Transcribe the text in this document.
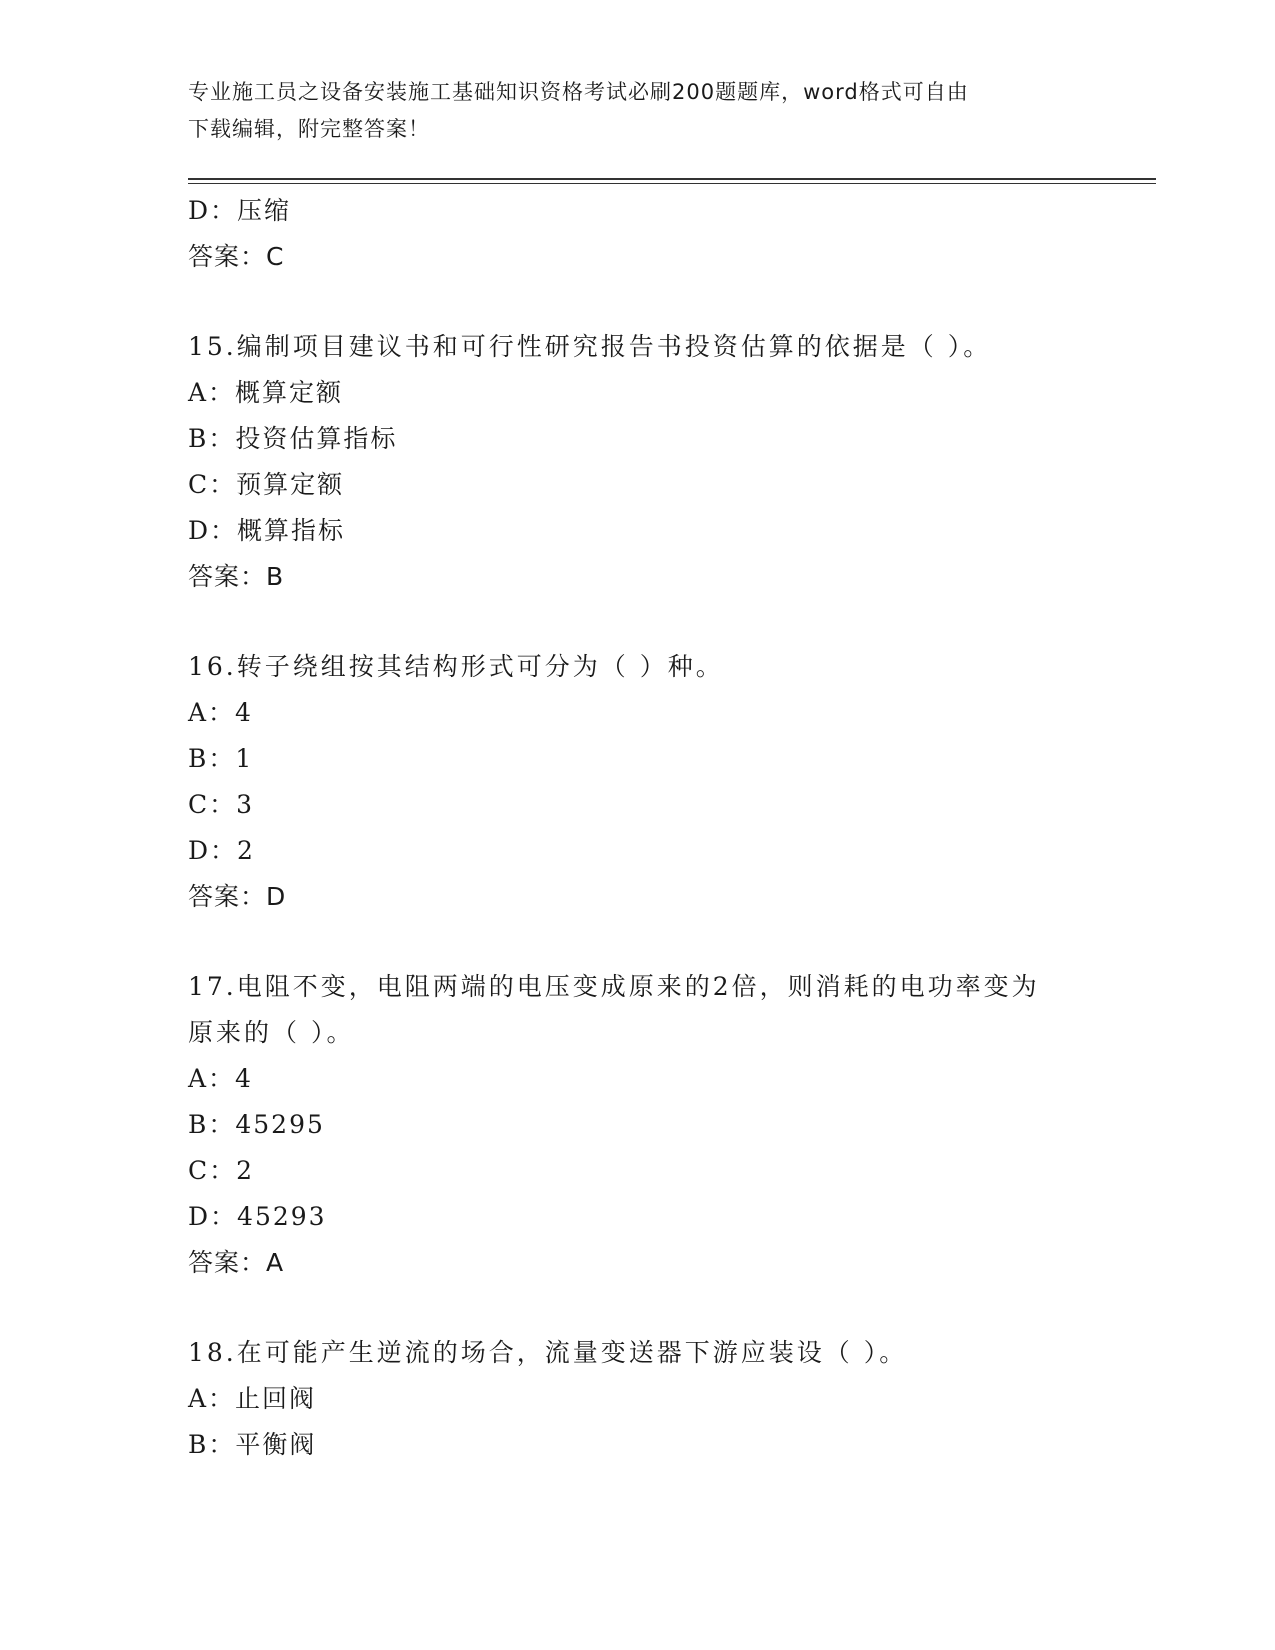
专业施工员之设备安装施工基础知识资格考试必刷200题题库，word格式可自由
下载编辑，附完整答案！
D：压缩
答案：C
15.编制项目建议书和可行性研究报告书投资估算的依据是（ ）。
A：概算定额
B：投资估算指标
C：预算定额
D：概算指标
答案：B
16.转子绕组按其结构形式可分为（ ）种。
A：4
B：1
C：3
D：2
答案：D
17.电阻不变，电阻两端的电压变成原来的2倍，则消耗的电功率变为
原来的（ ）。
A：4
B：45295
C：2
D：45293
答案：A
18.在可能产生逆流的场合，流量变送器下游应装设（ ）。
A：止回阀
B：平衡阀
